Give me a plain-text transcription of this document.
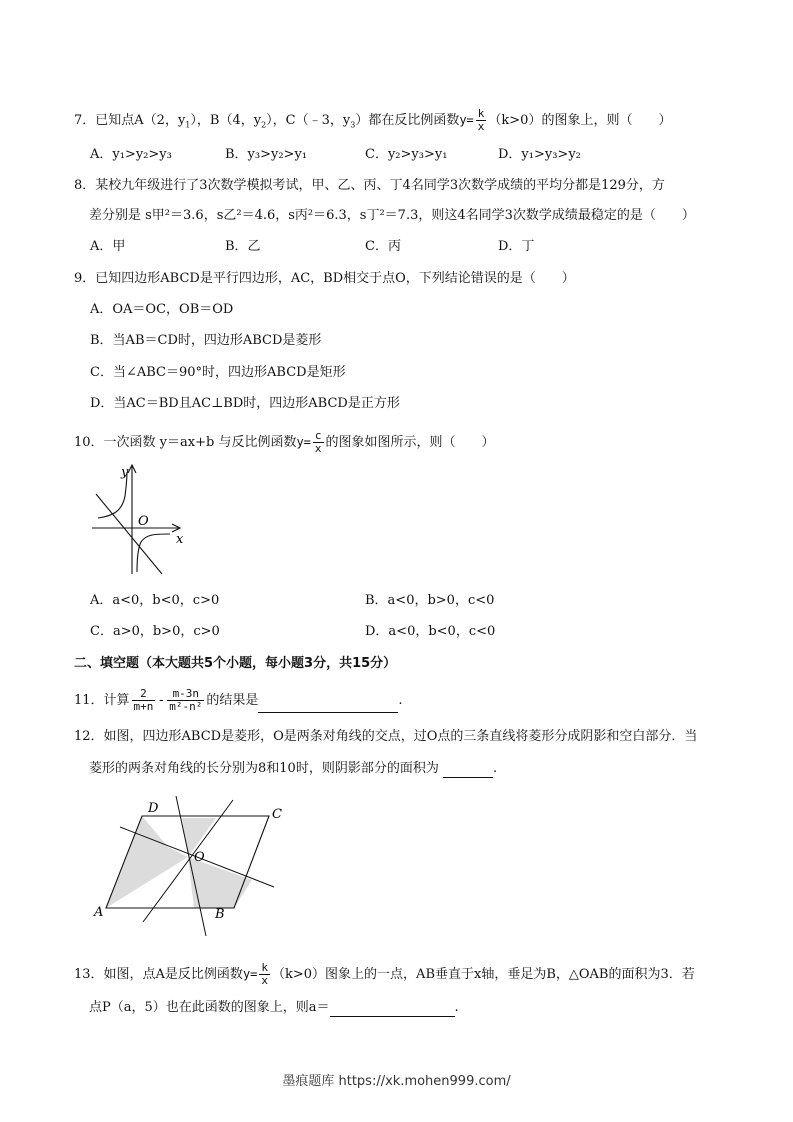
7．已知点A（2，$y_1$），B（4，$y_2$），C（﹣3，$y_3$）都在反比例函数$y= \frac{k}{x} (k>0)$的图象上，则（　　）
A．y₁>y₂>y₃	B．y₃>y₂>y₁	C．y₂>y₃>y₁	D．y₁>y₃>y₂
8．某校九年级进行了3次数学模拟考试，甲、乙、丙、丁4名同学3次数学成绩的平均分都是129分，方
差分别是 s甲²＝3.6，s乙²＝4.6，s丙²＝6.3，s丁²＝7.3，则这4名同学3次数学成绩最稳定的是（　　）
A．甲	B．乙	C．丙	D．丁
9．已知四边形ABCD是平行四边形，AC，BD相交于点O，下列结论错误的是（　　）
A．OA＝OC，OB＝OD
B．当AB＝CD时，四边形ABCD是菱形
C．当∠ABC＝90°时，四边形ABCD是矩形
D．当AC＝BD且AC⊥BD时，四边形ABCD是正方形
10．一次函数 y＝ax+b 与反比例函数$y= \frac{c}{x}$ 的图象如图所示，则（　　）
y
O
x
A．a<0，b<0，c>0	B．a<0，b>0，c<0
C．a>0，b>0，c>0	D．a<0，b<0，c<0
二、填空题（本大题共5个小题，每小题3分，共15分）
11．计算 $\frac{2}{m+n} - \frac{m-3n}{\text{m²-n²}}$ 的结果是	.
12．如图，四边形ABCD是菱形，O是两条对角线的交点，过O点的三条直线将菱形分成阴影和空白部分．当
菱形的两条对角线的长分别为8和10时，则阴影部分的面积为	.
D	C
O
A	B
13．如图，点A是反比例函数$y= \frac{k}{x} (k>0)$图象上的一点，AB垂直于x轴，垂足为B，△OAB的面积为3．若
点P（a，5）也在此函数的图象上，则a＝	.
墨痕题库 https://xk.mohen999.com/
